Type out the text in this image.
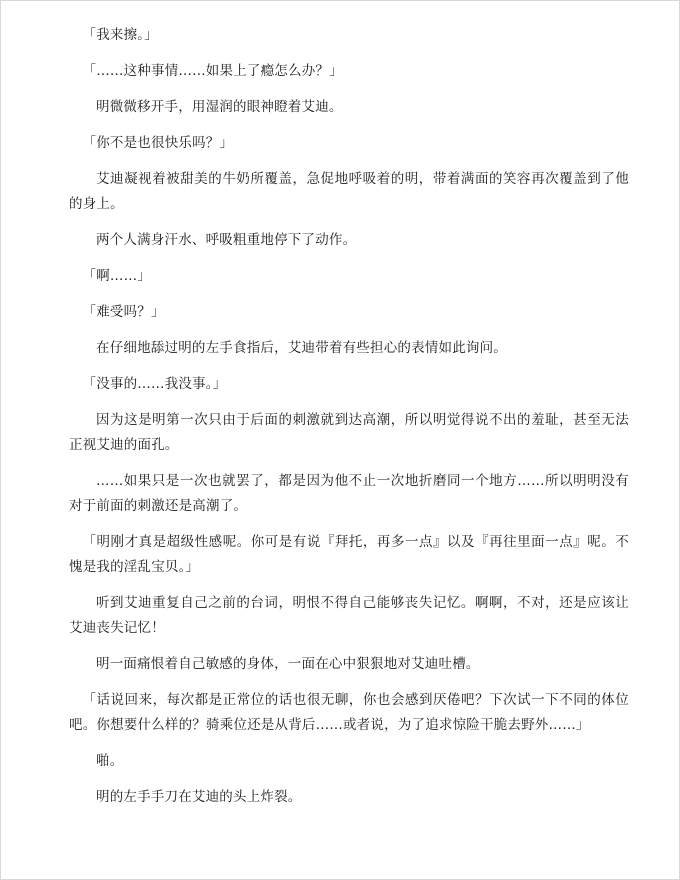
「我来擦。」

「……这种事情……如果上了瘾怎么办？」

明微微移开手，用湿润的眼神瞪着艾迪。

「你不是也很快乐吗？」

艾迪凝视着被甜美的牛奶所覆盖，急促地呼吸着的明，带着满面的笑容再次覆盖到了他的身上。

两个人满身汗水、呼吸粗重地停下了动作。

「啊……」

「难受吗？」

在仔细地舔过明的左手食指后，艾迪带着有些担心的表情如此询问。

「没事的……我没事。」

因为这是明第一次只由于后面的刺激就到达高潮，所以明觉得说不出的羞耻，甚至无法正视艾迪的面孔。

……如果只是一次也就罢了，都是因为他不止一次地折磨同一个地方……所以明明没有对于前面的刺激还是高潮了。

「明刚才真是超级性感呢。你可是有说『拜托，再多一点』以及『再往里面一点』呢。不愧是我的淫乱宝贝。」

听到艾迪重复自己之前的台词，明恨不得自己能够丧失记忆。啊啊，不对，还是应该让艾迪丧失记忆！

明一面痛恨着自己敏感的身体，一面在心中狠狠地对艾迪吐槽。

「话说回来，每次都是正常位的话也很无聊，你也会感到厌倦吧？下次试一下不同的体位吧。你想要什么样的？骑乘位还是从背后……或者说，为了追求惊险干脆去野外……」

啪。

明的左手手刀在艾迪的头上炸裂。
